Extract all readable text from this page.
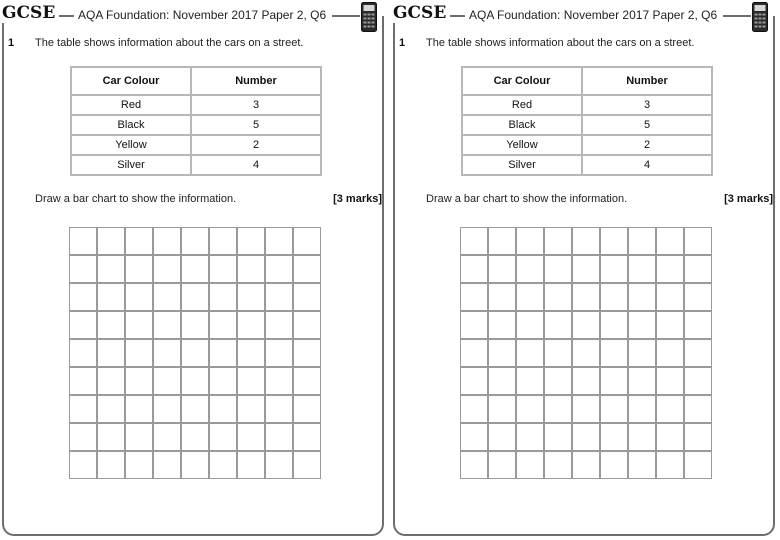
GCSE	AQA Foundation: November 2017 Paper 2, Q6
1 The table shows information about the cars on a street.
Car Colour	Number
Red	3
Black	5
Yellow	2
Silver	4
Draw a bar chart to show the information.	[3 marks]
GCSE	AQA Foundation: November 2017 Paper 2, Q6
1 The table shows information about the cars on a street.
Car Colour	Number
Red	3
Black	5
Yellow	2
Silver	4
Draw a bar chart to show the information.	[3 marks]
